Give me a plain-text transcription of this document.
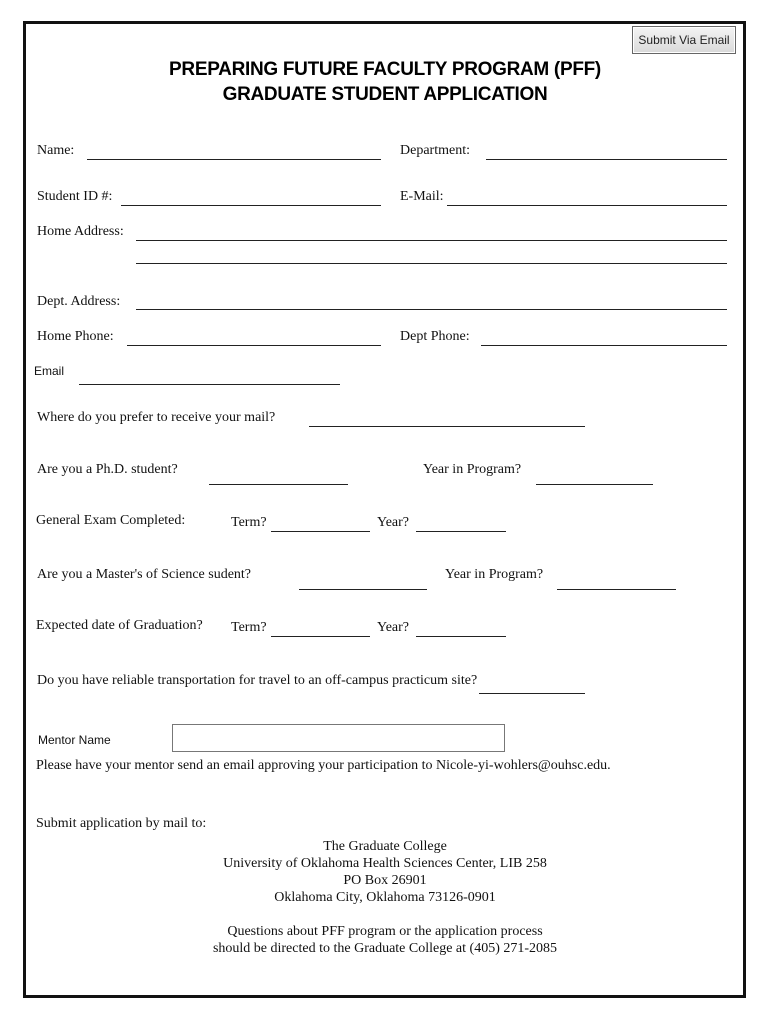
Submit Via Email
PREPARING FUTURE FACULTY PROGRAM (PFF)
GRADUATE STUDENT APPLICATION
Name:	Department:
Student ID #:	E-Mail:
Home Address:
Dept. Address:
Home Phone:	Dept Phone:
Email
Where do you prefer to receive your mail?
Are you a Ph.D. student?	Year in Program?
General Exam Completed:	Term?	Year?
Are you a Master's of Science sudent?	Year in Program?
Expected date of Graduation? Term?	Year?
Do you have reliable transportation for travel to an off-campus practicum site?
Mentor Name
Please have your mentor send an email approving your participation to Nicole-yi-wohlers@ouhsc.edu.
Submit application by mail to:
The Graduate College
University of Oklahoma Health Sciences Center, LIB 258
PO Box 26901
Oklahoma City, Oklahoma 73126-0901
Questions about PFF program or the application process
should be directed to the Graduate College at (405) 271-2085
